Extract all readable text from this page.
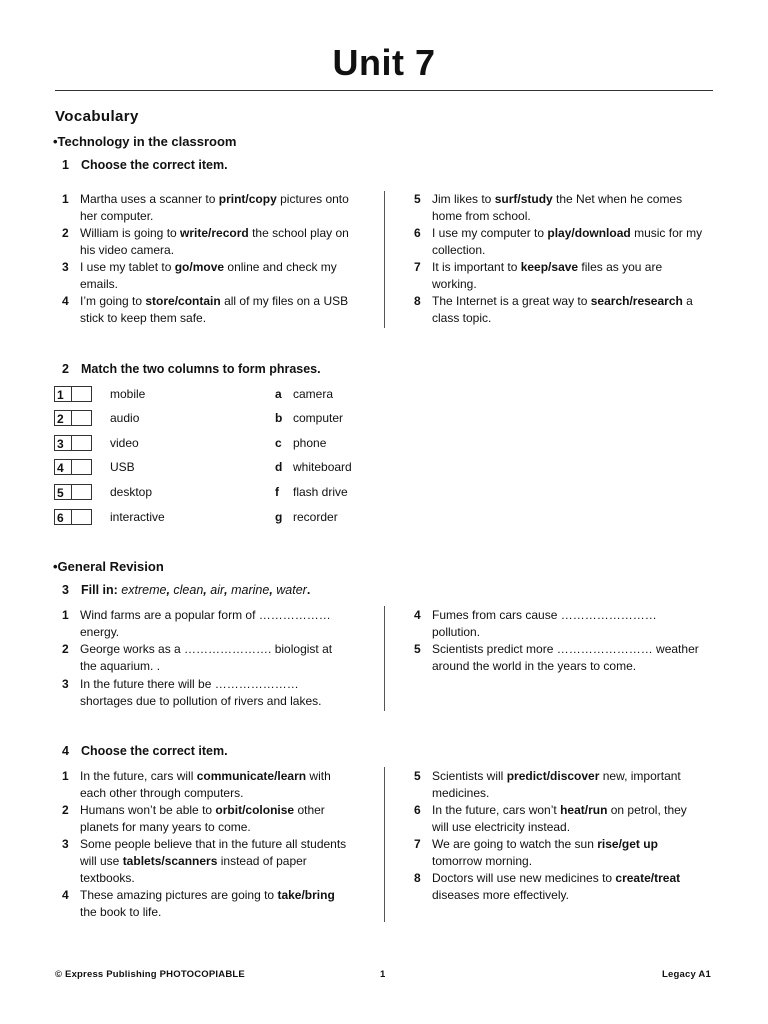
Unit 7
Vocabulary
•Technology in the classroom
1 Choose the correct item.
1 Martha uses a scanner to print/copy pictures onto her computer.
2 William is going to write/record the school play on his video camera.
3 I use my tablet to go/move online and check my emails.
4 I’m going to store/contain all of my files on a USB stick to keep them safe.
5 Jim likes to surf/study the Net when he comes home from school.
6 I use my computer to play/download music for my collection.
7 It is important to keep/save files as you are working.
8 The Internet is a great way to search/research a class topic.
2 Match the two columns to form phrases.
1	mobile	a camera
2	audio	b computer
3	video	c phone
4	USB	d whiteboard
5	desktop	f flash drive
6	interactive	g recorder
•General Revision
3 Fill in: extreme, clean, air, marine, water.
1 Wind farms are a popular form of ……………… energy.
2 George works as a …………………. biologist at the aquarium. .
3 In the future there will be ………………… shortages due to pollution of rivers and lakes.
4 Fumes from cars cause …………………… pollution.
5 Scientists predict more …………………… weather around the world in the years to come.
4 Choose the correct item.
1 In the future, cars will communicate/learn with each other through computers.
2 Humans won’t be able to orbit/colonise other planets for many years to come.
3 Some people believe that in the future all students will use tablets/scanners instead of paper textbooks.
4 These amazing pictures are going to take/bring the book to life.
5 Scientists will predict/discover new, important medicines.
6 In the future, cars won’t heat/run on petrol, they will use electricity instead.
7 We are going to watch the sun rise/get up tomorrow morning.
8 Doctors will use new medicines to create/treat diseases more effectively.
© Express Publishing PHOTOCOPIABLE	1	Legacy A1
